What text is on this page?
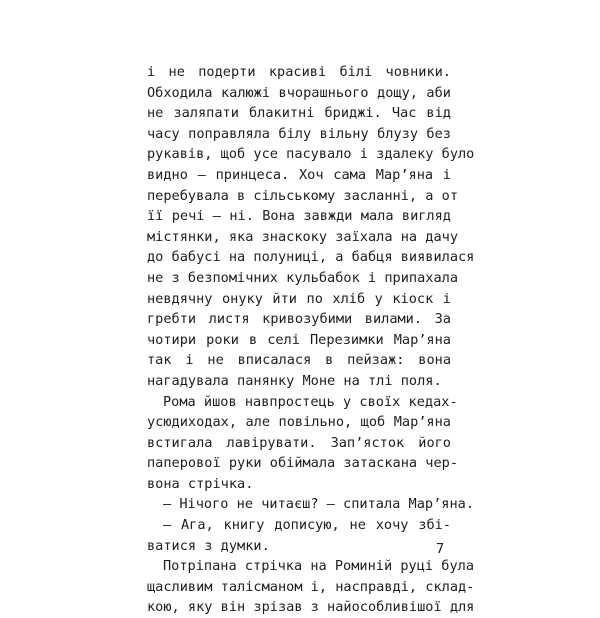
і не подерти красиві білі човники.
Обходила калюжі вчорашнього дощу, аби
не заляпати блакитні бриджі. Час від
часу поправляла білу вільну блузу без
рукавів, щоб усе пасувало і здалеку було
видно — принцеса. Хоч сама Мар’яна і
перебувала в сільському засланні, а от
її речі — ні. Вона завжди мала вигляд
містянки, яка знаскоку заїхала на дачу
до бабусі на полуниці, а бабця виявилася
не з безпомічних кульбабок і припахала
невдячну онуку йти по хліб у кіоск і
гребти листя кривозубими вилами. За
чотири роки в селі Перезимки Мар’яна
так і не вписалася в пейзаж: вона
нагадувала панянку Моне на тлі поля.
Рома йшов навпростець у своїх кедах-
усюдиходах, але повільно, щоб Мар’яна
встигала лавірувати. Зап’ясток його
паперової руки обіймала затаскана чер-
вона стрічка.
— Нічого не читаєш? — спитала Мар’яна.
— Ага, книгу дописую, не хочу збі-
ватися з думки.
Потріпана стрічка на Роминій руці була
щасливим талісманом і, насправді, склад-
кою, яку він зрізав з найособливішої для
7
